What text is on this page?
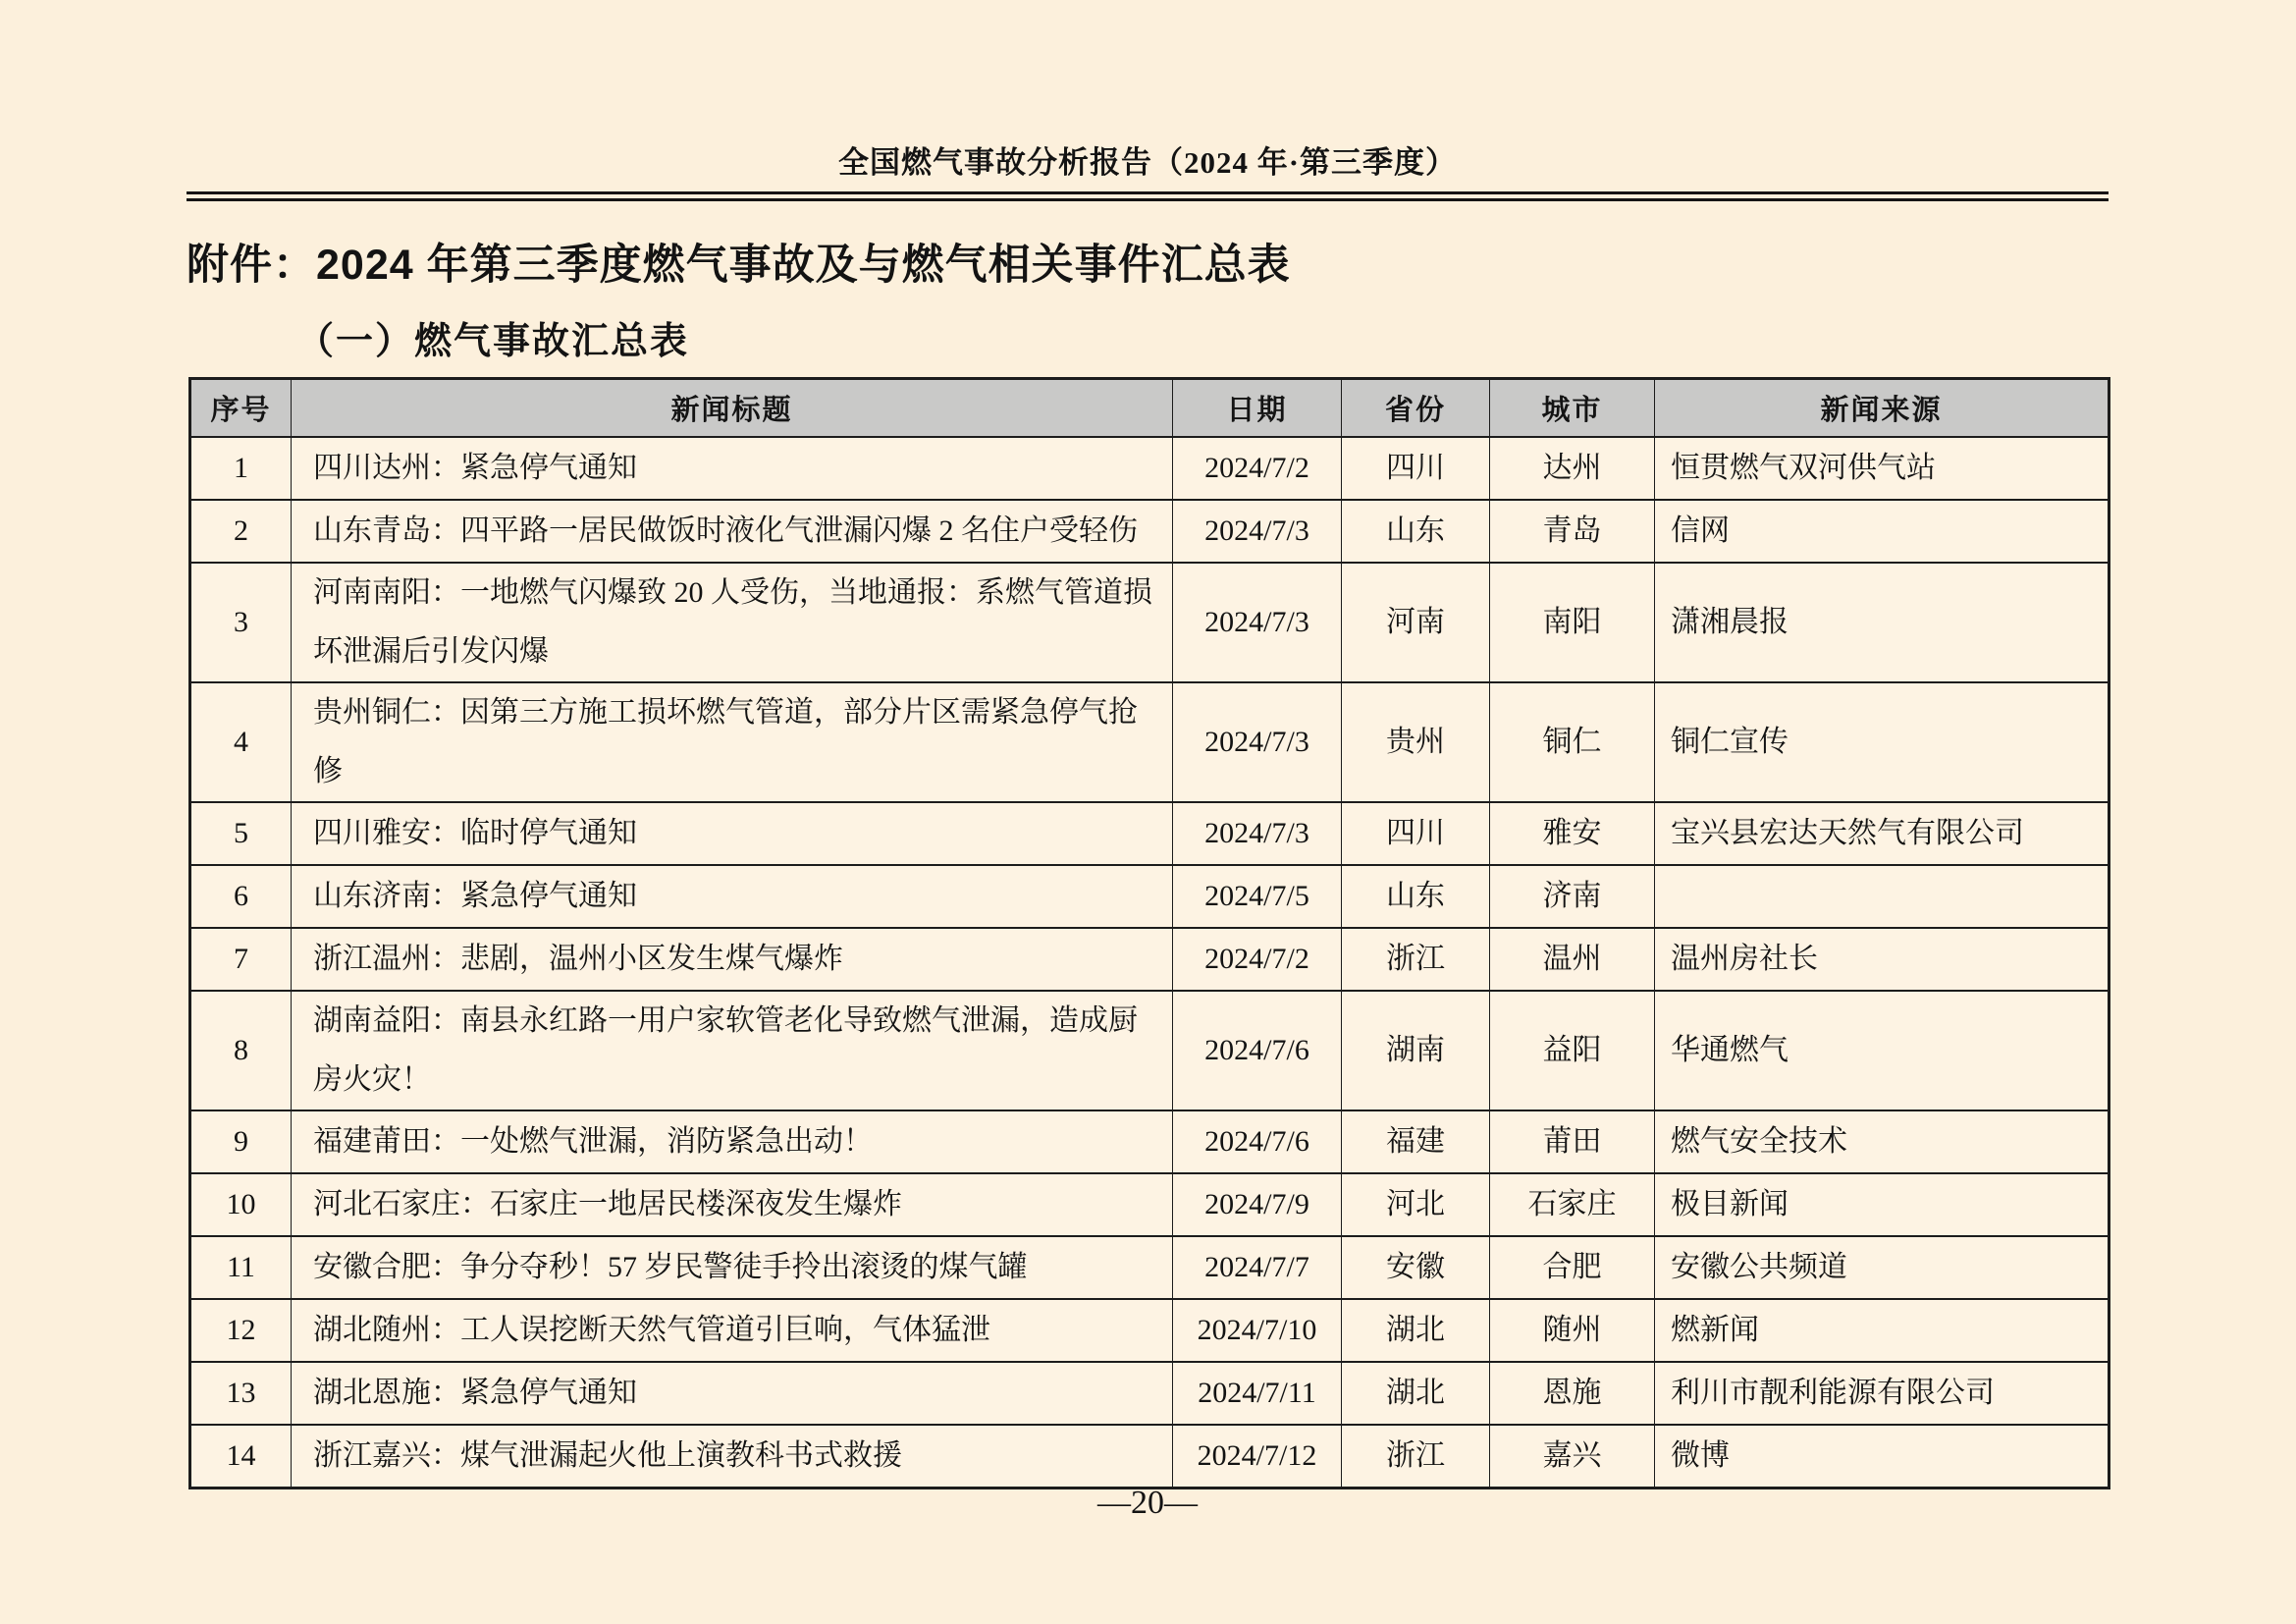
全国燃气事故分析报告（2024 年·第三季度）
附件：2024 年第三季度燃气事故及与燃气相关事件汇总表
（一）燃气事故汇总表
序号	新闻标题	日期	省份	城市	新闻来源
1	四川达州：紧急停气通知	2024/7/2	四川	达州	恒贯燃气双河供气站
2	山东青岛：四平路一居民做饭时液化气泄漏闪爆 2 名住户受轻伤	2024/7/3	山东	青岛	信网
3	河南南阳：一地燃气闪爆致 20 人受伤，当地通报：系燃气管道损坏泄漏后引发闪爆	2024/7/3	河南	南阳	潇湘晨报
4	贵州铜仁：因第三方施工损坏燃气管道，部分片区需紧急停气抢修	2024/7/3	贵州	铜仁	铜仁宣传
5	四川雅安：临时停气通知	2024/7/3	四川	雅安	宝兴县宏达天然气有限公司
6	山东济南：紧急停气通知	2024/7/5	山东	济南	
7	浙江温州：悲剧，温州小区发生煤气爆炸	2024/7/2	浙江	温州	温州房社长
8	湖南益阳：南县永红路一用户家软管老化导致燃气泄漏，造成厨房火灾！	2024/7/6	湖南	益阳	华通燃气
9	福建莆田：一处燃气泄漏，消防紧急出动！	2024/7/6	福建	莆田	燃气安全技术
10	河北石家庄：石家庄一地居民楼深夜发生爆炸	2024/7/9	河北	石家庄	极目新闻
11	安徽合肥：争分夺秒！57 岁民警徒手拎出滚烫的煤气罐	2024/7/7	安徽	合肥	安徽公共频道
12	湖北随州：工人误挖断天然气管道引巨响，气体猛泄	2024/7/10	湖北	随州	燃新闻
13	湖北恩施：紧急停气通知	2024/7/11	湖北	恩施	利川市靓利能源有限公司
14	浙江嘉兴：煤气泄漏起火他上演教科书式救援	2024/7/12	浙江	嘉兴	微博
—20—
